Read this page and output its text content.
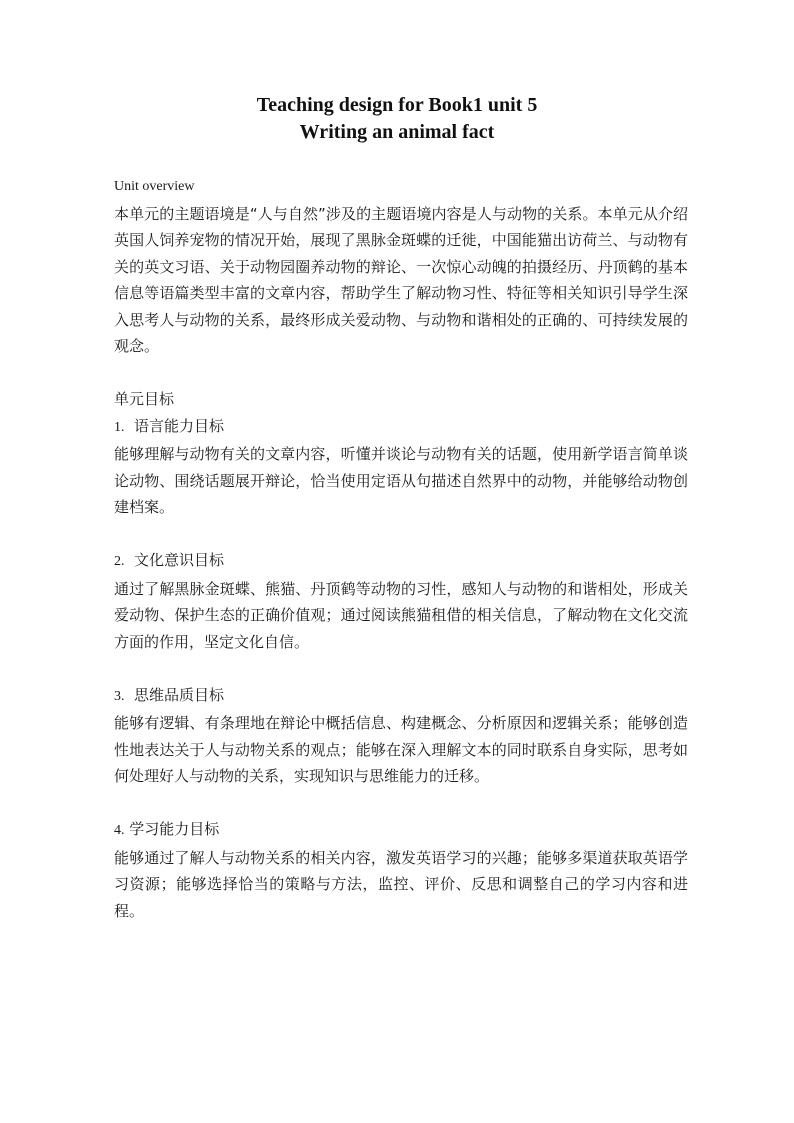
Teaching design for Book1 unit 5
Writing an animal fact

Unit overview

本单元的主题语境是“人与自然”涉及的主题语境内容是人与动物的关系。本单元从介绍英国人饲养宠物的情况开始，展现了黑脉金斑蝶的迁徙，中国能猫出访荷兰、与动物有关的英文习语、关于动物园圈养动物的辩论、一次惊心动魄的拍摄经历、丹顶鹤的基本信息等语篇类型丰富的文章内容，帮助学生了解动物习性、特征等相关知识引导学生深入思考人与动物的关系，最终形成关爱动物、与动物和谐相处的正确的、可持续发展的观念。

单元目标

1. 语言能力目标

能够理解与动物有关的文章内容，听懂并谈论与动物有关的话题，使用新学语言简单谈论动物、围绕话题展开辩论，恰当使用定语从句描述自然界中的动物，并能够给动物创建档案。

2. 文化意识目标

通过了解黑脉金斑蝶、熊猫、丹顶鹤等动物的习性，感知人与动物的和谐相处，形成关爱动物、保护生态的正确价值观；通过阅读熊猫租借的相关信息，了解动物在文化交流方面的作用，坚定文化自信。

3. 思维品质目标

能够有逻辑、有条理地在辩论中概括信息、构建概念、分析原因和逻辑关系；能够创造性地表达关于人与动物关系的观点；能够在深入理解文本的同时联系自身实际，思考如何处理好人与动物的关系，实现知识与思维能力的迁移。

4. 学习能力目标

能够通过了解人与动物关系的相关内容，激发英语学习的兴趣；能够多渠道获取英语学习资源；能够选择恰当的策略与方法，监控、评价、反思和调整自己的学习内容和进程。
